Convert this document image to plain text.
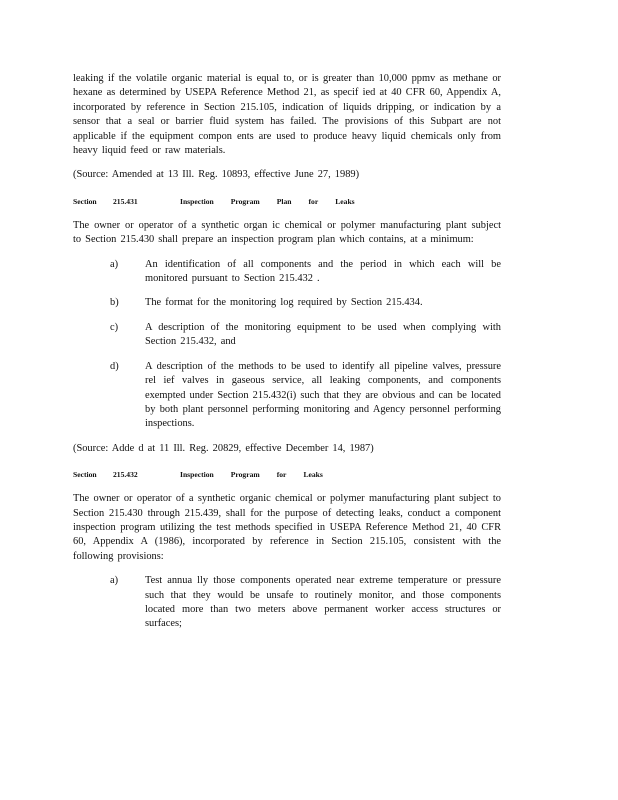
leaking if the volatile organic material is equal to, or is greater than 10,000 ppmv as methane or hexane as determined by USEPA Reference Method 21, as specif ied at 40 CFR 60, Appendix A, incorporated by reference in Section 215.105, indication of liquids dripping, or indication by a sensor that a seal or barrier fluid system has failed. The provisions of this Subpart are not applicable if the equipment compon ents are used to produce heavy liquid chemicals only from heavy liquid feed or raw materials.

(Source: Amended at 13 Ill. Reg. 10893, effective June 27, 1989)

Section	215.431	Inspection Program Plan for Leaks

The owner or operator of a synthetic organ ic chemical or polymer manufacturing plant subject to Section 215.430 shall prepare an inspection program plan which contains, at a minimum:

a)	An identification of all components and the period in which each will be monitored pursuant to Section 215.432 .
b)	The format for the monitoring log required by Section 215.434.
c)	A description of the monitoring equipment to be used when complying with Section 215.432, and
d)	A description of the methods to be used to identify all pipeline valves, pressure rel ief valves in gaseous service, all leaking components, and components exempted under Section 215.432(i) such that they are obvious and can be located by both plant personnel performing monitoring and Agency personnel performing inspections.

(Source: Adde d at 11 Ill. Reg. 20829, effective December 14, 1987)

Section	215.432	Inspection Program for Leaks

The owner or operator of a synthetic organic chemical or polymer manufacturing plant subject to Section 215.430 through 215.439, shall for the purpose of detecting leaks, conduct a component inspection program utilizing the test methods specified in USEPA Reference Method 21, 40 CFR 60, Appendix A (1986), incorporated by reference in Section 215.105, consistent with the following provisions:

a)	Test annua lly those components operated near extreme temperature or pressure such that they would be unsafe to routinely monitor, and those components located more than two meters above permanent worker access structures or surfaces;
